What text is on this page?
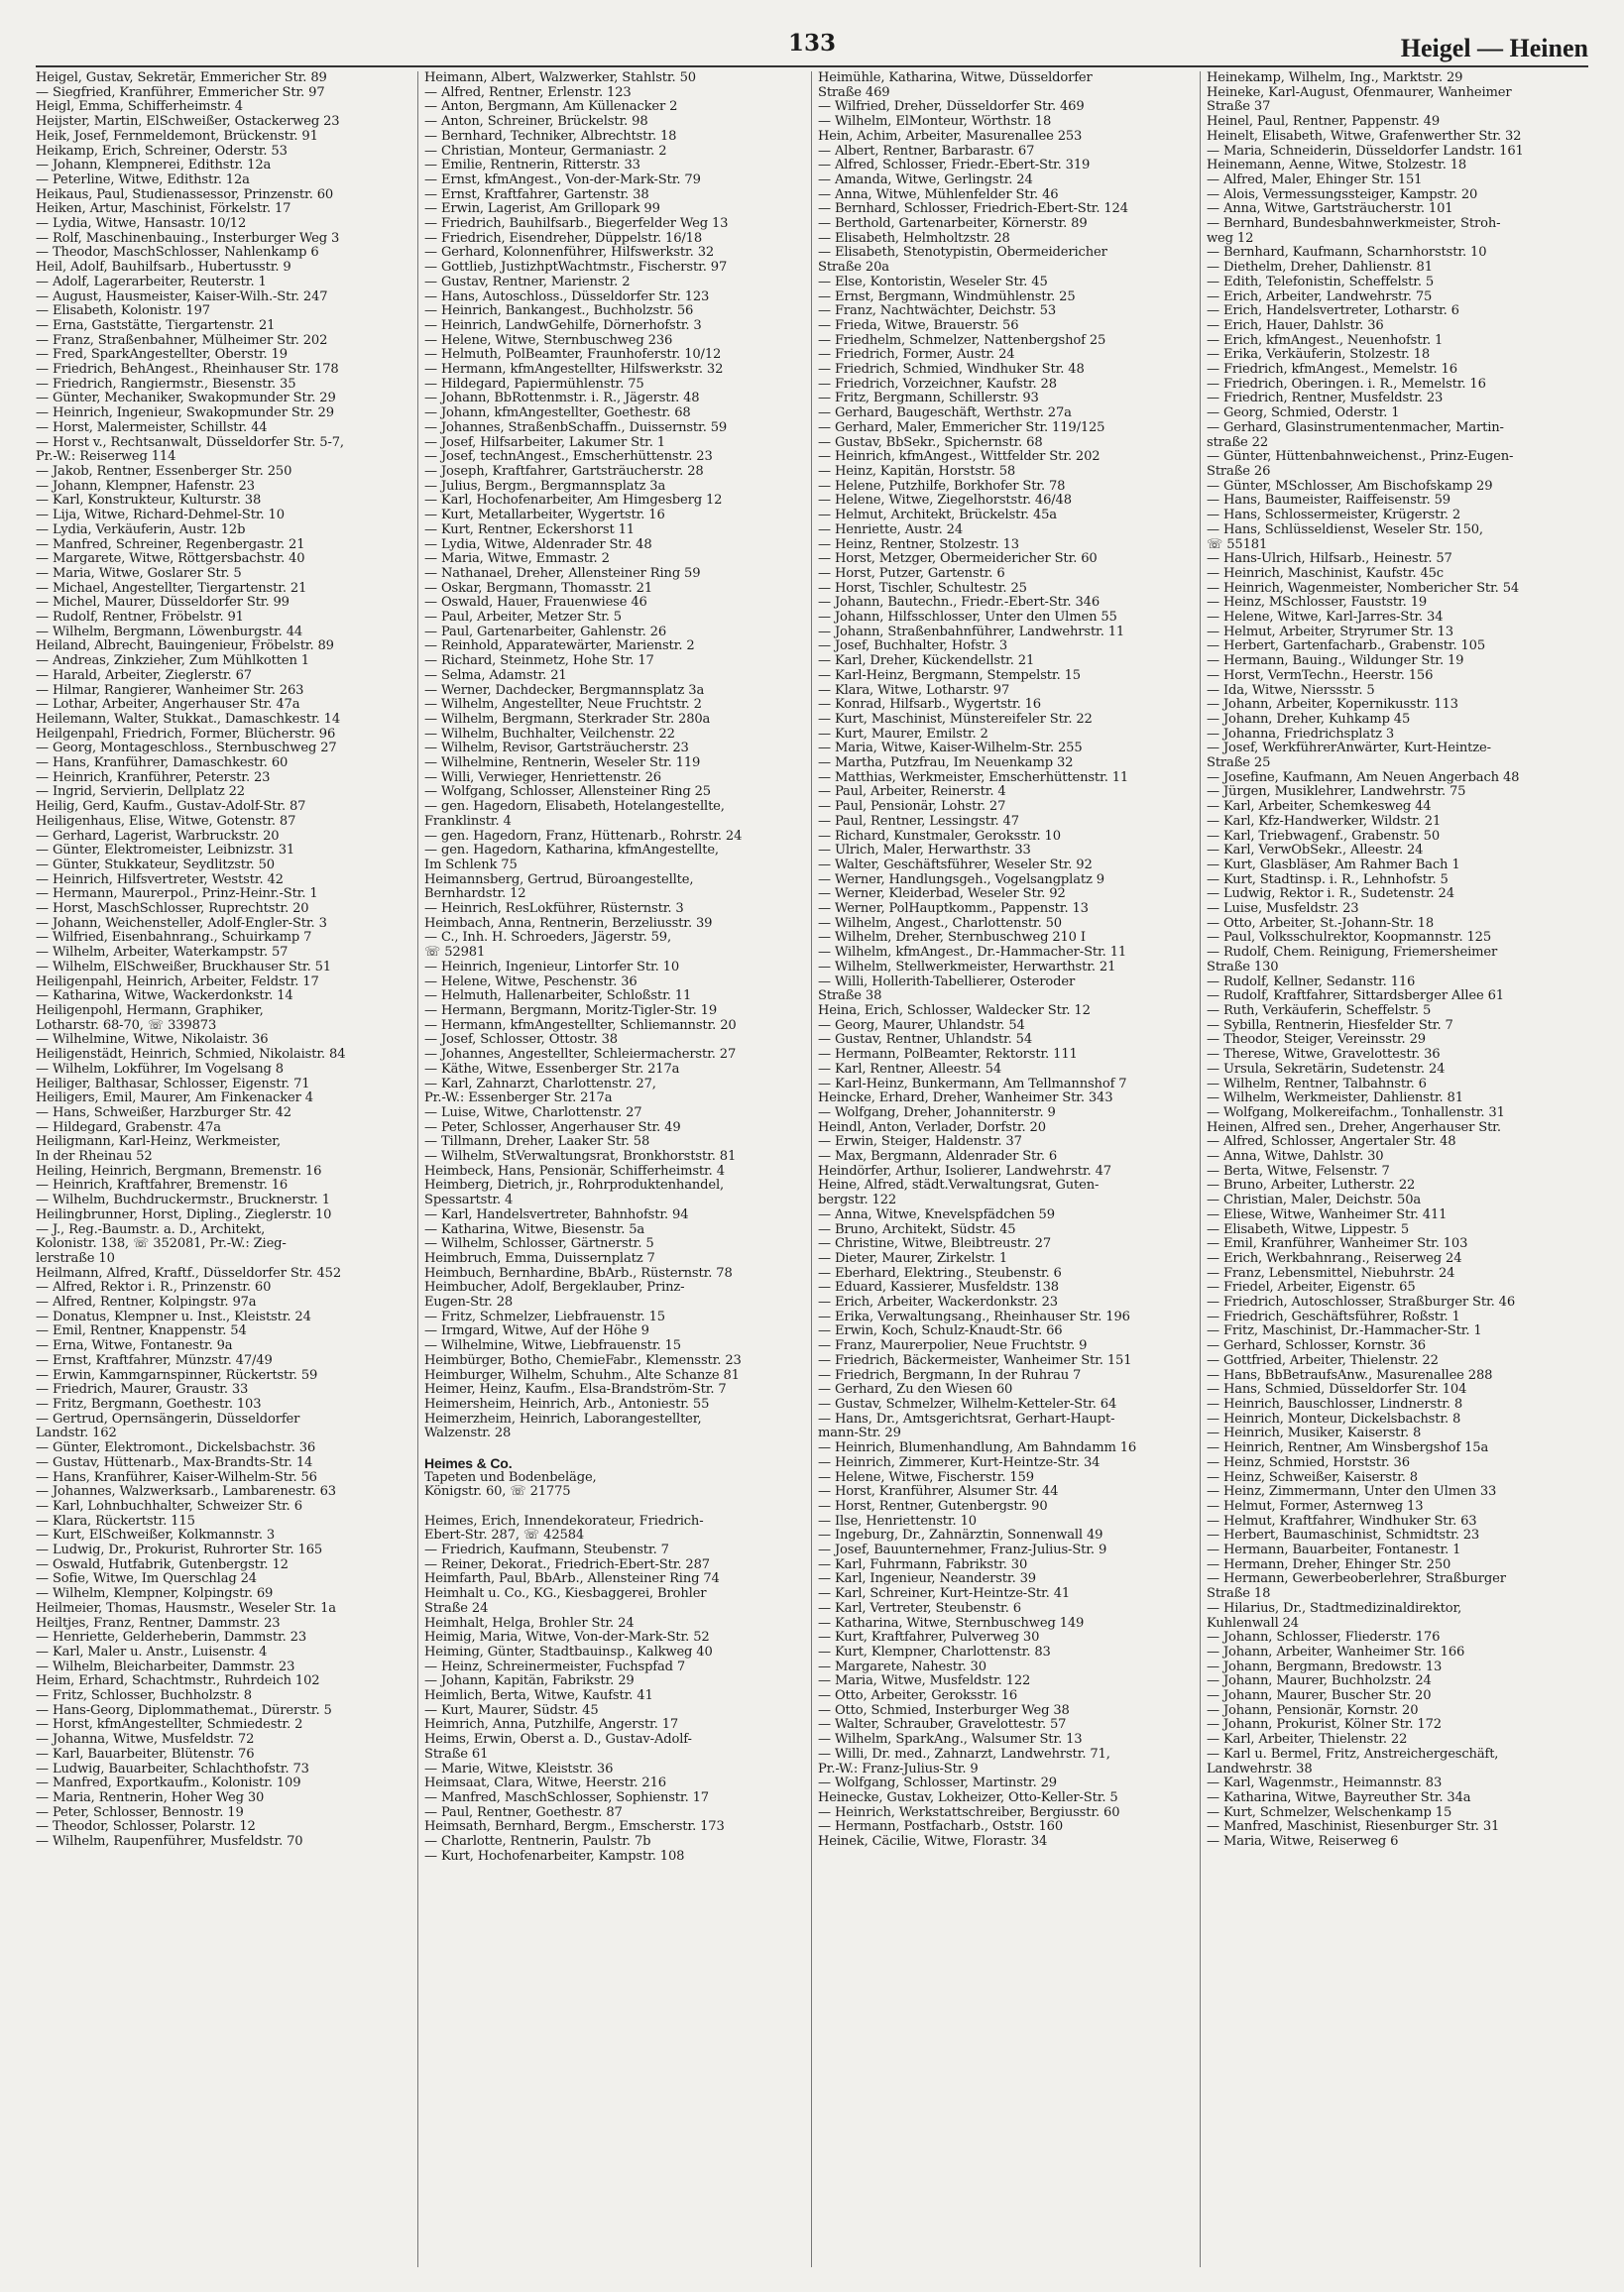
133	Heigel — Heinen
Heigel, Gustav, Sekretär, Emmericher Str. 89
— Siegfried, Kranführer, Emmericher Str. 97
Heigl, Emma, Schifferheimstr. 4
Heijster, Martin, ElSchweißer, Ostackerweg 23
Heik, Josef, Fernmeldemont, Brückenstr. 91
Heikamp, Erich, Schreiner, Oderstr. 53
— Johann, Klempnerei, Edithstr. 12a
— Peterline, Witwe, Edithstr. 12a
Heikaus, Paul, Studienassessor, Prinzenstr. 60
Heiken, Artur, Maschinist, Förkelstr. 17
— Lydia, Witwe, Hansastr. 10/12
— Rolf, Maschinenbauing., Insterburger Weg 3
— Theodor, MaschSchlosser, Nahlenkamp 6
Heil, Adolf, Bauhilfsarb., Hubertusstr. 9
— Adolf, Lagerarbeiter, Reuterstr. 1
— August, Hausmeister, Kaiser-Wilh.-Str. 247
— Elisabeth, Kolonistr. 197
— Erna, Gaststätte, Tiergartenstr. 21
— Franz, Straßenbahner, Mülheimer Str. 202
— Fred, SparkAngestellter, Oberstr. 19
— Friedrich, BehAngest., Rheinhauser Str. 178
— Friedrich, Rangiermstr., Biesenstr. 35
— Günter, Mechaniker, Swakopmunder Str. 29
— Heinrich, Ingenieur, Swakopmunder Str. 29
— Horst, Malermeister, Schillstr. 44
— Horst v., Rechtsanwalt, Düsseldorfer Str. 5-7,
Pr.-W.: Reiserweg 114
— Jakob, Rentner, Essenberger Str. 250
— Johann, Klempner, Hafenstr. 23
— Karl, Konstrukteur, Kulturstr. 38
— Lija, Witwe, Richard-Dehmel-Str. 10
— Lydia, Verkäuferin, Austr. 12b
— Manfred, Schreiner, Regenbergastr. 21
— Margarete, Witwe, Röttgersbachstr. 40
— Maria, Witwe, Goslarer Str. 5
— Michael, Angestellter, Tiergartenstr. 21
— Michel, Maurer, Düsseldorfer Str. 99
— Rudolf, Rentner, Fröbelstr. 91
— Wilhelm, Bergmann, Löwenburgstr. 44
Heiland, Albrecht, Bauingenieur, Fröbelstr. 89
— Andreas, Zinkzieher, Zum Mühlkotten 1
— Harald, Arbeiter, Zieglerstr. 67
— Hilmar, Rangierer, Wanheimer Str. 263
— Lothar, Arbeiter, Angerhauser Str. 47a
Heilemann, Walter, Stukkat., Damaschkestr. 14
Heilgenpahl, Friedrich, Former, Blücherstr. 96
— Georg, Montageschloss., Sternbuschweg 27
— Hans, Kranführer, Damaschkestr. 60
— Heinrich, Kranführer, Peterstr. 23
— Ingrid, Servierin, Dellplatz 22
Heilig, Gerd, Kaufm., Gustav-Adolf-Str. 87
Heiligenhaus, Elise, Witwe, Gotenstr. 87
— Gerhard, Lagerist, Warbruckstr. 20
— Günter, Elektromeister, Leibnizstr. 31
— Günter, Stukkateur, Seydlitzstr. 50
— Heinrich, Hilfsvertreter, Weststr. 42
— Hermann, Maurerpol., Prinz-Heinr.-Str. 1
— Horst, MaschSchlosser, Ruprechtstr. 20
— Johann, Weichensteller, Adolf-Engler-Str. 3
— Wilfried, Eisenbahnrang., Schuirkamp 7
— Wilhelm, Arbeiter, Waterkampstr. 57
— Wilhelm, ElSchweißer, Bruckhauser Str. 51
Heiligenpahl, Heinrich, Arbeiter, Feldstr. 17
— Katharina, Witwe, Wackerdonkstr. 14
Heiligenpohl, Hermann, Graphiker,
Lotharstr. 68-70, ☏ 339873
— Wilhelmine, Witwe, Nikolaistr. 36
Heiligenstädt, Heinrich, Schmied, Nikolaistr. 84
— Wilhelm, Lokführer, Im Vogelsang 8
Heiliger, Balthasar, Schlosser, Eigenstr. 71
Heiligers, Emil, Maurer, Am Finkenacker 4
— Hans, Schweißer, Harzburger Str. 42
— Hildegard, Grabenstr. 47a
Heiligmann, Karl-Heinz, Werkmeister,
In der Rheinau 52
Heiling, Heinrich, Bergmann, Bremenstr. 16
— Heinrich, Kraftfahrer, Bremenstr. 16
— Wilhelm, Buchdruckermstr., Brucknerstr. 1
Heilingbrunner, Horst, Dipling., Zieglerstr. 10
— J., Reg.-Baumstr. a. D., Architekt,
Kolonistr. 138, ☏ 352081, Pr.-W.: Zieg-
lerstraße 10
Heilmann, Alfred, Kraftf., Düsseldorfer Str. 452
— Alfred, Rektor i. R., Prinzenstr. 60
— Alfred, Rentner, Kolpingstr. 97a
— Donatus, Klempner u. Inst., Kleiststr. 24
— Emil, Rentner, Knappenstr. 54
— Erna, Witwe, Fontanestr. 9a
— Ernst, Kraftfahrer, Münzstr. 47/49
— Erwin, Kammgarnspinner, Rückertstr. 59
— Friedrich, Maurer, Graustr. 33
— Fritz, Bergmann, Goethestr. 103
— Gertrud, Opernsängerin, Düsseldorfer
Landstr. 162
— Günter, Elektromont., Dickelsbachstr. 36
— Gustav, Hüttenarb., Max-Brandts-Str. 14
— Hans, Kranführer, Kaiser-Wilhelm-Str. 56
— Johannes, Walzwerksarb., Lambarenestr. 63
— Karl, Lohnbuchhalter, Schweizer Str. 6
— Klara, Rückertstr. 115
— Kurt, ElSchweißer, Kolkmannstr. 3
— Ludwig, Dr., Prokurist, Ruhrorter Str. 165
— Oswald, Hutfabrik, Gutenbergstr. 12
— Sofie, Witwe, Im Querschlag 24
— Wilhelm, Klempner, Kolpingstr. 69
Heilmeier, Thomas, Hausmstr., Weseler Str. 1a
Heiltjes, Franz, Rentner, Dammstr. 23
— Henriette, Gelderheberin, Dammstr. 23
— Karl, Maler u. Anstr., Luisenstr. 4
— Wilhelm, Bleicharbeiter, Dammstr. 23
Heim, Erhard, Schachtmstr., Ruhrdeich 102
— Fritz, Schlosser, Buchholzstr. 8
— Hans-Georg, Diplommathemat., Dürerstr. 5
— Horst, kfmAngestellter, Schmiedestr. 2
— Johanna, Witwe, Musfeldstr. 72
— Karl, Bauarbeiter, Blütenstr. 76
— Ludwig, Bauarbeiter, Schlachthofstr. 73
— Manfred, Exportkaufm., Kolonistr. 109
— Maria, Rentnerin, Hoher Weg 30
— Peter, Schlosser, Bennostr. 19
— Theodor, Schlosser, Polarstr. 12
— Wilhelm, Raupenführer, Musfeldstr. 70
Heimann, Albert, Walzwerker, Stahlstr. 50
— Alfred, Rentner, Erlenstr. 123
— Anton, Bergmann, Am Küllenacker 2
— Anton, Schreiner, Brückelstr. 98
— Bernhard, Techniker, Albrechtstr. 18
— Christian, Monteur, Germaniastr. 2
— Emilie, Rentnerin, Ritterstr. 33
— Ernst, kfmAngest., Von-der-Mark-Str. 79
— Ernst, Kraftfahrer, Gartenstr. 38
— Erwin, Lagerist, Am Grillopark 99
— Friedrich, Bauhilfsarb., Biegerfelder Weg 13
— Friedrich, Eisendreher, Düppelstr. 16/18
— Gerhard, Kolonnenführer, Hilfswerkstr. 32
— Gottlieb, JustizhptWachtmstr., Fischerstr. 97
— Gustav, Rentner, Marienstr. 2
— Hans, Autoschloss., Düsseldorfer Str. 123
— Heinrich, Bankangest., Buchholzstr. 56
— Heinrich, LandwGehilfe, Dörnerhofstr. 3
— Helene, Witwe, Sternbuschweg 236
— Helmuth, PolBeamter, Fraunhoferstr. 10/12
— Hermann, kfmAngestellter, Hilfswerkstr. 32
— Hildegard, Papiermühlenstr. 75
— Johann, BbRottenmstr. i. R., Jägerstr. 48
— Johann, kfmAngestellter, Goethestr. 68
— Johannes, StraßenbSchaffn., Duissernstr. 59
— Josef, Hilfsarbeiter, Lakumer Str. 1
— Josef, technAngest., Emscherhüttenstr. 23
— Joseph, Kraftfahrer, Gartsträucherstr. 28
— Julius, Bergm., Bergmannsplatz 3a
— Karl, Hochofenarbeiter, Am Himgesberg 12
— Kurt, Metallarbeiter, Wygertstr. 16
— Kurt, Rentner, Eckershorst 11
— Lydia, Witwe, Aldenrader Str. 48
— Maria, Witwe, Emmastr. 2
— Nathanael, Dreher, Allensteiner Ring 59
— Oskar, Bergmann, Thomasstr. 21
— Oswald, Hauer, Frauenwiese 46
— Paul, Arbeiter, Metzer Str. 5
— Paul, Gartenarbeiter, Gahlenstr. 26
— Reinhold, Apparatewärter, Marienstr. 2
— Richard, Steinmetz, Hohe Str. 17
— Selma, Adamstr. 21
— Werner, Dachdecker, Bergmannsplatz 3a
— Wilhelm, Angestellter, Neue Fruchtstr. 2
— Wilhelm, Bergmann, Sterkrader Str. 280a
— Wilhelm, Buchhalter, Veilchenstr. 22
— Wilhelm, Revisor, Gartsträucherstr. 23
— Wilhelmine, Rentnerin, Weseler Str. 119
— Willi, Verwieger, Henriettenstr. 26
— Wolfgang, Schlosser, Allensteiner Ring 25
— gen. Hagedorn, Elisabeth, Hotelangestellte,
Franklinstr. 4
— gen. Hagedorn, Franz, Hüttenarb., Rohrstr. 24
— gen. Hagedorn, Katharina, kfmAngestellte,
Im Schlenk 75
Heimannsberg, Gertrud, Büroangestellte,
Bernhardstr. 12
— Heinrich, ResLokführer, Rüsternstr. 3
Heimbach, Anna, Rentnerin, Berzeliusstr. 39
— C., Inh. H. Schroeders, Jägerstr. 59,
☏ 52981
— Heinrich, Ingenieur, Lintorfer Str. 10
— Helene, Witwe, Peschenstr. 36
— Helmuth, Hallenarbeiter, Schloßstr. 11
— Hermann, Bergmann, Moritz-Tigler-Str. 19
— Hermann, kfmAngestellter, Schliemannstr. 20
— Josef, Schlosser, Ottostr. 38
— Johannes, Angestellter, Schleiermacherstr. 27
— Käthe, Witwe, Essenberger Str. 217a
— Karl, Zahnarzt, Charlottenstr. 27,
Pr.-W.: Essenberger Str. 217a
— Luise, Witwe, Charlottenstr. 27
— Peter, Schlosser, Angerhauser Str. 49
— Tillmann, Dreher, Laaker Str. 58
— Wilhelm, StVerwaltungsrat, Bronkhorststr. 81
Heimbeck, Hans, Pensionär, Schifferheimstr. 4
Heimberg, Dietrich, jr., Rohrproduktenhandel,
Spessartstr. 4
— Karl, Handelsvertreter, Bahnhofstr. 94
— Katharina, Witwe, Biesenstr. 5a
— Wilhelm, Schlosser, Gärtnerstr. 5
Heimbruch, Emma, Duissernplatz 7
Heimbuch, Bernhardine, BbArb., Rüsternstr. 78
Heimbucher, Adolf, Bergeklauber, Prinz-
Eugen-Str. 28
— Fritz, Schmelzer, Liebfrauenstr. 15
— Irmgard, Witwe, Auf der Höhe 9
— Wilhelmine, Witwe, Liebfrauenstr. 15
Heimbürger, Botho, ChemieFabr., Klemensstr. 23
Heimburger, Wilhelm, Schuhm., Alte Schanze 81
Heimer, Heinz, Kaufm., Elsa-Brandström-Str. 7
Heimersheim, Heinrich, Arb., Antoniestr. 55
Heimerzheim, Heinrich, Laborangestellter,
Walzenstr. 28

Heimes & Co.
Tapeten und Bodenbeläge,
Königstr. 60, ☏ 21775

Heimes, Erich, Innendekorateur, Friedrich-
Ebert-Str. 287, ☏ 42584
— Friedrich, Kaufmann, Steubenstr. 7
— Reiner, Dekorat., Friedrich-Ebert-Str. 287
Heimfarth, Paul, BbArb., Allensteiner Ring 74
Heimhalt u. Co., KG., Kiesbaggerei, Brohler
Straße 24
Heimhalt, Helga, Brohler Str. 24
Heimig, Maria, Witwe, Von-der-Mark-Str. 52
Heiming, Günter, Stadtbauinsp., Kalkweg 40
— Heinz, Schreinermeister, Fuchspfad 7
— Johann, Kapitän, Fabrikstr. 29
Heimlich, Berta, Witwe, Kaufstr. 41
— Kurt, Maurer, Südstr. 45
Heimrich, Anna, Putzhilfe, Angerstr. 17
Heims, Erwin, Oberst a. D., Gustav-Adolf-
Straße 61
— Marie, Witwe, Kleiststr. 36
Heimsaat, Clara, Witwe, Heerstr. 216
— Manfred, MaschSchlosser, Sophienstr. 17
— Paul, Rentner, Goethestr. 87
Heimsath, Bernhard, Bergm., Emscherstr. 173
— Charlotte, Rentnerin, Paulstr. 7b
— Kurt, Hochofenarbeiter, Kampstr. 108
Heimühle, Katharina, Witwe, Düsseldorfer
Straße 469
— Wilfried, Dreher, Düsseldorfer Str. 469
— Wilhelm, ElMonteur, Wörthstr. 18
Hein, Achim, Arbeiter, Masurenallee 253
— Albert, Rentner, Barbarastr. 67
— Alfred, Schlosser, Friedr.-Ebert-Str. 319
— Amanda, Witwe, Gerlingstr. 24
— Anna, Witwe, Mühlenfelder Str. 46
— Bernhard, Schlosser, Friedrich-Ebert-Str. 124
— Berthold, Gartenarbeiter, Körnerstr. 89
— Elisabeth, Helmholtzstr. 28
— Elisabeth, Stenotypistin, Obermeidericher
Straße 20a
— Else, Kontoristin, Weseler Str. 45
— Ernst, Bergmann, Windmühlenstr. 25
— Franz, Nachtwächter, Deichstr. 53
— Frieda, Witwe, Brauerstr. 56
— Friedhelm, Schmelzer, Nattenbergshof 25
— Friedrich, Former, Austr. 24
— Friedrich, Schmied, Windhuker Str. 48
— Friedrich, Vorzeichner, Kaufstr. 28
— Fritz, Bergmann, Schillerstr. 93
— Gerhard, Baugeschäft, Werthstr. 27a
— Gerhard, Maler, Emmericher Str. 119/125
— Gustav, BbSekr., Spichernstr. 68
— Heinrich, kfmAngest., Wittfelder Str. 202
— Heinz, Kapitän, Horststr. 58
— Helene, Putzhilfe, Borkhofer Str. 78
— Helene, Witwe, Ziegelhorststr. 46/48
— Helmut, Architekt, Brückelstr. 45a
— Henriette, Austr. 24
— Heinz, Rentner, Stolzestr. 13
— Horst, Metzger, Obermeidericher Str. 60
— Horst, Putzer, Gartenstr. 6
— Horst, Tischler, Schultestr. 25
— Johann, Bautechn., Friedr.-Ebert-Str. 346
— Johann, Hilfsschlosser, Unter den Ulmen 55
— Johann, Straßenbahnführer, Landwehrstr. 11
— Josef, Buchhalter, Hofstr. 3
— Karl, Dreher, Kückendellstr. 21
— Karl-Heinz, Bergmann, Stempelstr. 15
— Klara, Witwe, Lotharstr. 97
— Konrad, Hilfsarb., Wygertstr. 16
— Kurt, Maschinist, Münstereifeler Str. 22
— Kurt, Maurer, Emilstr. 2
— Maria, Witwe, Kaiser-Wilhelm-Str. 255
— Martha, Putzfrau, Im Neuenkamp 32
— Matthias, Werkmeister, Emscherhüttenstr. 11
— Paul, Arbeiter, Reinerstr. 4
— Paul, Pensionär, Lohstr. 27
— Paul, Rentner, Lessingstr. 47
— Richard, Kunstmaler, Geroksstr. 10
— Ulrich, Maler, Herwarthstr. 33
— Walter, Geschäftsführer, Weseler Str. 92
— Werner, Handlungsgeh., Vogelsangplatz 9
— Werner, Kleiderbad, Weseler Str. 92
— Werner, PolHauptkomm., Pappenstr. 13
— Wilhelm, Angest., Charlottenstr. 50
— Wilhelm, Dreher, Sternbuschweg 210 I
— Wilhelm, kfmAngest., Dr.-Hammacher-Str. 11
— Wilhelm, Stellwerkmeister, Herwarthstr. 21
— Willi, Hollerith-Tabellierer, Osteroder
Straße 38
Heina, Erich, Schlosser, Waldecker Str. 12
— Georg, Maurer, Uhlandstr. 54
— Gustav, Rentner, Uhlandstr. 54
— Hermann, PolBeamter, Rektorstr. 111
— Karl, Rentner, Alleestr. 54
— Karl-Heinz, Bunkermann, Am Tellmannshof 7
Heincke, Erhard, Dreher, Wanheimer Str. 343
— Wolfgang, Dreher, Johanniterstr. 9
Heindl, Anton, Verlader, Dorfstr. 20
— Erwin, Steiger, Haldenstr. 37
— Max, Bergmann, Aldenrader Str. 6
Heindörfer, Arthur, Isolierer, Landwehrstr. 47
Heine, Alfred, städt.Verwaltungsrat, Guten-
bergstr. 122
— Anna, Witwe, Knevelspfädchen 59
— Bruno, Architekt, Südstr. 45
— Christine, Witwe, Bleibtreustr. 27
— Dieter, Maurer, Zirkelstr. 1
— Eberhard, Elektring., Steubenstr. 6
— Eduard, Kassierer, Musfeldstr. 138
— Erich, Arbeiter, Wackerdonkstr. 23
— Erika, Verwaltungsang., Rheinhauser Str. 196
— Erwin, Koch, Schulz-Knaudt-Str. 66
— Franz, Maurerpolier, Neue Fruchtstr. 9
— Friedrich, Bäckermeister, Wanheimer Str. 151
— Friedrich, Bergmann, In der Ruhrau 7
— Gerhard, Zu den Wiesen 60
— Gustav, Schmelzer, Wilhelm-Ketteler-Str. 64
— Hans, Dr., Amtsgerichtsrat, Gerhart-Haupt-
mann-Str. 29
— Heinrich, Blumenhandlung, Am Bahndamm 16
— Heinrich, Zimmerer, Kurt-Heintze-Str. 34
— Helene, Witwe, Fischerstr. 159
— Horst, Kranführer, Alsumer Str. 44
— Horst, Rentner, Gutenbergstr. 90
— Ilse, Henriettenstr. 10
— Ingeburg, Dr., Zahnärztin, Sonnenwall 49
— Josef, Bauunternehmer, Franz-Julius-Str. 9
— Karl, Fuhrmann, Fabrikstr. 30
— Karl, Ingenieur, Neanderstr. 39
— Karl, Schreiner, Kurt-Heintze-Str. 41
— Karl, Vertreter, Steubenstr. 6
— Katharina, Witwe, Sternbuschweg 149
— Kurt, Kraftfahrer, Pulverweg 30
— Kurt, Klempner, Charlottenstr. 83
— Margarete, Nahestr. 30
— Maria, Witwe, Musfeldstr. 122
— Otto, Arbeiter, Geroksstr. 16
— Otto, Schmied, Insterburger Weg 38
— Walter, Schrauber, Gravelottestr. 57
— Wilhelm, SparkAng., Walsumer Str. 13
— Willi, Dr. med., Zahnarzt, Landwehrstr. 71,
Pr.-W.: Franz-Julius-Str. 9
— Wolfgang, Schlosser, Martinstr. 29
Heinecke, Gustav, Lokheizer, Otto-Keller-Str. 5
— Heinrich, Werkstattschreiber, Bergiusstr. 60
— Hermann, Postfacharb., Oststr. 160
Heinek, Cäcilie, Witwe, Florastr. 34
Heinekamp, Wilhelm, Ing., Marktstr. 29
Heineke, Karl-August, Ofenmaurer, Wanheimer
Straße 37
Heinel, Paul, Rentner, Pappenstr. 49
Heinelt, Elisabeth, Witwe, Grafenwerther Str. 32
— Maria, Schneiderin, Düsseldorfer Landstr. 161
Heinemann, Aenne, Witwe, Stolzestr. 18
— Alfred, Maler, Ehinger Str. 151
— Alois, Vermessungssteiger, Kampstr. 20
— Anna, Witwe, Gartsträucherstr. 101
— Bernhard, Bundesbahnwerkmeister, Stroh-
weg 12
— Bernhard, Kaufmann, Scharnhorststr. 10
— Diethelm, Dreher, Dahlienstr. 81
— Edith, Telefonistin, Scheffelstr. 5
— Erich, Arbeiter, Landwehrstr. 75
— Erich, Handelsvertreter, Lotharstr. 6
— Erich, Hauer, Dahlstr. 36
— Erich, kfmAngest., Neuenhofstr. 1
— Erika, Verkäuferin, Stolzestr. 18
— Friedrich, kfmAngest., Memelstr. 16
— Friedrich, Oberingen. i. R., Memelstr. 16
— Friedrich, Rentner, Musfeldstr. 23
— Georg, Schmied, Oderstr. 1
— Gerhard, Glasinstrumentenmacher, Martin-
straße 22
— Günter, Hüttenbahnweichenst., Prinz-Eugen-
Straße 26
— Günter, MSchlosser, Am Bischofskamp 29
— Hans, Baumeister, Raiffeisenstr. 59
— Hans, Schlossermeister, Krügerstr. 2
— Hans, Schlüsseldienst, Weseler Str. 150,
☏ 55181
— Hans-Ulrich, Hilfsarb., Heinestr. 57
— Heinrich, Maschinist, Kaufstr. 45c
— Heinrich, Wagenmeister, Nombericher Str. 54
— Heinz, MSchlosser, Fauststr. 19
— Helene, Witwe, Karl-Jarres-Str. 34
— Helmut, Arbeiter, Stryrumer Str. 13
— Herbert, Gartenfacharb., Grabenstr. 105
— Hermann, Bauing., Wildunger Str. 19
— Horst, VermTechn., Heerstr. 156
— Ida, Witwe, Nierssstr. 5
— Johann, Arbeiter, Kopernikusstr. 113
— Johann, Dreher, Kuhkamp 45
— Johanna, Friedrichsplatz 3
— Josef, WerkführerAnwärter, Kurt-Heintze-
Straße 25
— Josefine, Kaufmann, Am Neuen Angerbach 48
— Jürgen, Musiklehrer, Landwehrstr. 75
— Karl, Arbeiter, Schemkesweg 44
— Karl, Kfz-Handwerker, Wildstr. 21
— Karl, Triebwagenf., Grabenstr. 50
— Karl, VerwObSekr., Alleestr. 24
— Kurt, Glasbläser, Am Rahmer Bach 1
— Kurt, Stadtinsp. i. R., Lehnhofstr. 5
— Ludwig, Rektor i. R., Sudetenstr. 24
— Luise, Musfeldstr. 23
— Otto, Arbeiter, St.-Johann-Str. 18
— Paul, Volksschulrektor, Koopmannstr. 125
— Rudolf, Chem. Reinigung, Friemersheimer
Straße 130
— Rudolf, Kellner, Sedanstr. 116
— Rudolf, Kraftfahrer, Sittardsberger Allee 61
— Ruth, Verkäuferin, Scheffelstr. 5
— Sybilla, Rentnerin, Hiesfelder Str. 7
— Theodor, Steiger, Vereinsstr. 29
— Therese, Witwe, Gravelottestr. 36
— Ursula, Sekretärin, Sudetenstr. 24
— Wilhelm, Rentner, Talbahnstr. 6
— Wilhelm, Werkmeister, Dahlienstr. 81
— Wolfgang, Molkereifachm., Tonhallenstr. 31
Heinen, Alfred sen., Dreher, Angerhauser Str.
— Alfred, Schlosser, Angertaler Str. 48
— Anna, Witwe, Dahlstr. 30
— Berta, Witwe, Felsenstr. 7
— Bruno, Arbeiter, Lutherstr. 22
— Christian, Maler, Deichstr. 50a
— Eliese, Witwe, Wanheimer Str. 411
— Elisabeth, Witwe, Lippestr. 5
— Emil, Kranführer, Wanheimer Str. 103
— Erich, Werkbahnrang., Reiserweg 24
— Franz, Lebensmittel, Niebuhrstr. 24
— Friedel, Arbeiter, Eigenstr. 65
— Friedrich, Autoschlosser, Straßburger Str. 46
— Friedrich, Geschäftsführer, Roßstr. 1
— Fritz, Maschinist, Dr.-Hammacher-Str. 1
— Gerhard, Schlosser, Kornstr. 36
— Gottfried, Arbeiter, Thielenstr. 22
— Hans, BbBetraufsAnw., Masurenallee 288
— Hans, Schmied, Düsseldorfer Str. 104
— Heinrich, Bauschlosser, Lindnerstr. 8
— Heinrich, Monteur, Dickelsbachstr. 8
— Heinrich, Musiker, Kaiserstr. 8
— Heinrich, Rentner, Am Winsbergshof 15a
— Heinz, Schmied, Horststr. 36
— Heinz, Schweißer, Kaiserstr. 8
— Heinz, Zimmermann, Unter den Ulmen 33
— Helmut, Former, Asternweg 13
— Helmut, Kraftfahrer, Windhuker Str. 63
— Herbert, Baumaschinist, Schmidtstr. 23
— Hermann, Bauarbeiter, Fontanestr. 1
— Hermann, Dreher, Ehinger Str. 250
— Hermann, Gewerbeoberlehrer, Straßburger
Straße 18
— Hilarius, Dr., Stadtmedizinaldirektor,
Kuhlenwall 24
— Johann, Schlosser, Fliederstr. 176
— Johann, Arbeiter, Wanheimer Str. 166
— Johann, Bergmann, Bredowstr. 13
— Johann, Maurer, Buchholzstr. 24
— Johann, Maurer, Buscher Str. 20
— Johann, Pensionär, Kornstr. 20
— Johann, Prokurist, Kölner Str. 172
— Karl, Arbeiter, Thielenstr. 22
— Karl u. Bermel, Fritz, Anstreichergeschäft,
Landwehrstr. 38
— Karl, Wagenmstr., Heimannstr. 83
— Katharina, Witwe, Bayreuther Str. 34a
— Kurt, Schmelzer, Welschenkamp 15
— Manfred, Maschinist, Riesenburger Str. 31
— Maria, Witwe, Reiserweg 6
